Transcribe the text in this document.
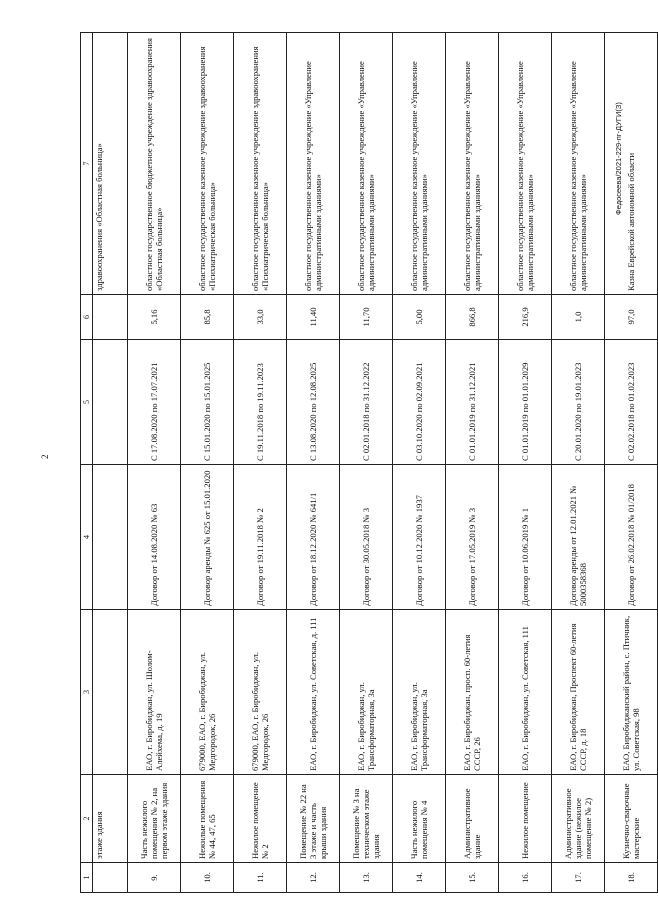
2
1	2	3	4	5	6	7
	этаже здания					здравоохранения «Областная больница»
9.	Часть нежилого помещения № 2, на первом этаже здания	ЕАО, г. Биробиджан, ул. Шолом-Алейхема, д. 19	Договор от 14.08.2020 № 63	С 17.08.2020 по 17.07.2021	5,16	областное государственное бюджетное учреждение здравоохранения «Областная больница»
10.	Нежилые помещения № 44, 47, 65	679000, ЕАО, г. Биробиджан, ул. Медгородок, 26	Договор аренды № 625 от 15.01.2020	С 15.01.2020 по 15.01.2025	85,8	областное государственное казенное учреждение здравоохранения «Психиатрическая больница»
11.	Нежилое помещение № 2	679000, ЕАО, г. Биробиджан, ул. Медгородок, 26	Договор от 19.11.2018 № 2	С 19.11.2018 по 19.11.2023	33,0	областное государственное казенное учреждение здравоохранения «Психиатрическая больница»
12.	Помещение № 22 на 3 этаже и часть крыши здания	ЕАО, г. Биробиджан, ул. Советская, д. 111	Договор от 18.12.2020 № 641/1	С 13.08.2020 по 12.08.2025	11,40	областное государственное казенное учреждение «Управление административными зданиями»
13.	Помещение № 3 на техническом этаже здания	ЕАО, г. Биробиджан, ул. Трансформаторная, 3а	Договор от 30.05.2018 № 3	С 02.01.2018 по 31.12.2022	11,70	областное государственное казенное учреждение «Управление административными зданиями»
14.	Часть нежилого помещения № 4	ЕАО, г. Биробиджан, ул. Трансформаторная, 3а	Договор от 10.12.2020 № 1937	С 03.10.2020 по 02.09.2021	5,00	областное государственное казенное учреждение «Управление административными зданиями»
15.	Административное здание	ЕАО, г. Биробиджан, просп. 60-летия СССР, 26	Договор от 17.05.2019 № 3	С 01.01.2019 по 31.12.2021	866,8	областное государственное казенное учреждение «Управление административными зданиями»
16.	Нежилое помещение	ЕАО, г. Биробиджан, ул. Советская, 111	Договор от 10.06.2019 № 1	С 01.01.2019 по 01.01.2029	216,9	областное государственное казенное учреждение «Управление административными зданиями»
17.	Административное здание (нежилое помещение № 2)	ЕАО, г. Биробиджан, Проспект 60-летия СССР, д. 18	Договор аренды от 12.01.2021 № 5000358368	С 20.01.2020 по 19.01.2023	1,0	областное государственное казенное учреждение «Управление административными зданиями»
18.	Кузнечно-сварочные мастерские	ЕАО, Биробиджанский район, с. Птичник, ул. Советская, 98	Договор от 26.02.2018 № 01/2018	С 02.02.2018 по 01.02.2023	97,0	Казна Еврейской автономной области
Федосеева/2021-229-пг-ДУГИ(З)
